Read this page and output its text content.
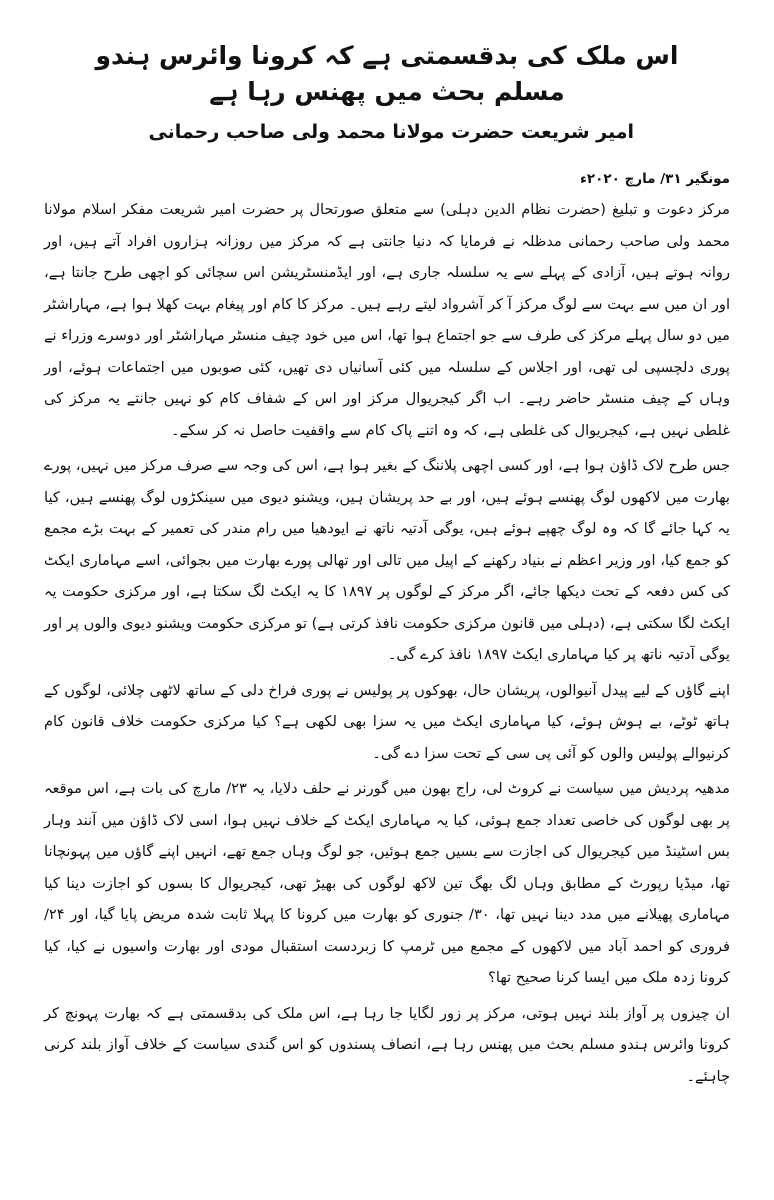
اس ملک کی بدقسمتی ہے کہ کرونا وائرس ہندو مسلم بحث میں پھنس رہا ہے
امیر شریعت حضرت مولانا محمد ولی صاحب رحمانی
مونگیر ۳۱/ مارچ ۲۰۲۰ء

مرکز دعوت و تبلیغ (حضرت نظام الدین دہلی) سے متعلق صورتحال پر حضرت امیر شریعت مفکر اسلام مولانا محمد ولی صاحب رحمانی مدظلہ نے فرمایا کہ دنیا جانتی ہے کہ مرکز میں روزانہ ہزاروں افراد آتے ہیں، اور روانہ ہوتے ہیں، آزادی کے پہلے سے یہ سلسلہ جاری ہے، اور ایڈمنسٹریشن اس سچائی کو اچھی طرح جانتا ہے، اور ان میں سے بہت سے لوگ مرکز آ کر آشرواد لیتے رہے ہیں۔ مرکز کا کام اور پیغام بہت کھلا ہوا ہے، مہاراشٹر میں دو سال پہلے مرکز کی طرف سے جو اجتماع ہوا تھا، اس میں خود چیف منسٹر مہاراشٹر اور دوسرے وزراء نے پوری دلچسپی لی تھی، اور اجلاس کے سلسلہ میں کئی آسانیاں دی تھیں، کئی صوبوں میں اجتماعات ہوئے، اور وہاں کے چیف منسٹر حاضر رہے۔ اب اگر کیجریوال مرکز اور اس کے شفاف کام کو نہیں جانتے یہ مرکز کی غلطی نہیں ہے، کیجریوال کی غلطی ہے، کہ وہ اتنے پاک کام سے واقفیت حاصل نہ کر سکے۔

جس طرح لاک ڈاؤن ہوا ہے، اور کسی اچھی پلاننگ کے بغیر ہوا ہے، اس کی وجہ سے صرف مرکز میں نہیں، پورے بھارت میں لاکھوں لوگ پھنسے ہوئے ہیں، اور بے حد پریشان ہیں، ویشنو دیوی میں سینکڑوں لوگ پھنسے ہیں، کیا یہ کہا جائے گا کہ وہ لوگ چھپے ہوئے ہیں، یوگی آدتیہ ناتھ نے ایودھیا میں رام مندر کی تعمیر کے بہت بڑے مجمع کو جمع کیا، اور وزیر اعظم نے بنیاد رکھنے کے اپیل میں تالی اور تھالی پورے بھارت میں بجوائی، اسے مہاماری ایکٹ کی کس دفعہ کے تحت دیکھا جائے، اگر مرکز کے لوگوں پر ۱۸۹۷ کا یہ ایکٹ لگ سکتا ہے، اور مرکزی حکومت یہ ایکٹ لگا سکتی ہے، (دہلی میں قانون مرکزی حکومت نافذ کرتی ہے) تو مرکزی حکومت ویشنو دیوی والوں پر اور یوگی آدتیہ ناتھ پر کیا مہاماری ایکٹ ۱۸۹۷ نافذ کرے گی۔

اپنے گاؤں کے لیے پیدل آنیوالوں، پریشان حال، بھوکوں پر پولیس نے پوری فراخ دلی کے ساتھ لاٹھی چلائی، لوگوں کے ہاتھ ٹوٹے، بے ہوش ہوئے، کیا مہاماری ایکٹ میں یہ سزا بھی لکھی ہے؟ کیا مرکزی حکومت خلاف قانون کام کرنیوالے پولیس والوں کو آئی پی سی کے تحت سزا دے گی۔

مدھیہ پردیش میں سیاست نے کروٹ لی، راج بھون میں گورنر نے حلف دلایا، یہ ۲۳/ مارچ کی بات ہے، اس موقعہ پر بھی لوگوں کی خاصی تعداد جمع ہوئی، کیا یہ مہاماری ایکٹ کے خلاف نہیں ہوا، اسی لاک ڈاؤن میں آنند وہار بس اسٹینڈ میں کیجریوال کی اجازت سے بسیں جمع ہوئیں، جو لوگ وہاں جمع تھے، انہیں اپنے گاؤں میں پہونچانا تھا، میڈیا رپورٹ کے مطابق وہاں لگ بھگ تین لاکھ لوگوں کی بھیڑ تھی، کیجریوال کا بسوں کو اجازت دینا کیا مہاماری پھیلانے میں مدد دینا نہیں تھا، ۳۰/ جنوری کو بھارت میں کرونا کا پہلا ثابت شدہ مریض پایا گیا، اور ۲۴/ فروری کو احمد آباد میں لاکھوں کے مجمع میں ٹرمپ کا زبردست استقبال مودی اور بھارت واسیوں نے کیا، کیا کرونا زدہ ملک میں ایسا کرنا صحیح تھا؟

ان چیزوں پر آواز بلند نہیں ہوتی، مرکز پر زور لگایا جا رہا ہے، اس ملک کی بدقسمتی ہے کہ بھارت پہونچ کر کرونا وائرس ہندو مسلم بحث میں پھنس رہا ہے، انصاف پسندوں کو اس گندی سیاست کے خلاف آواز بلند کرنی چاہئے۔
